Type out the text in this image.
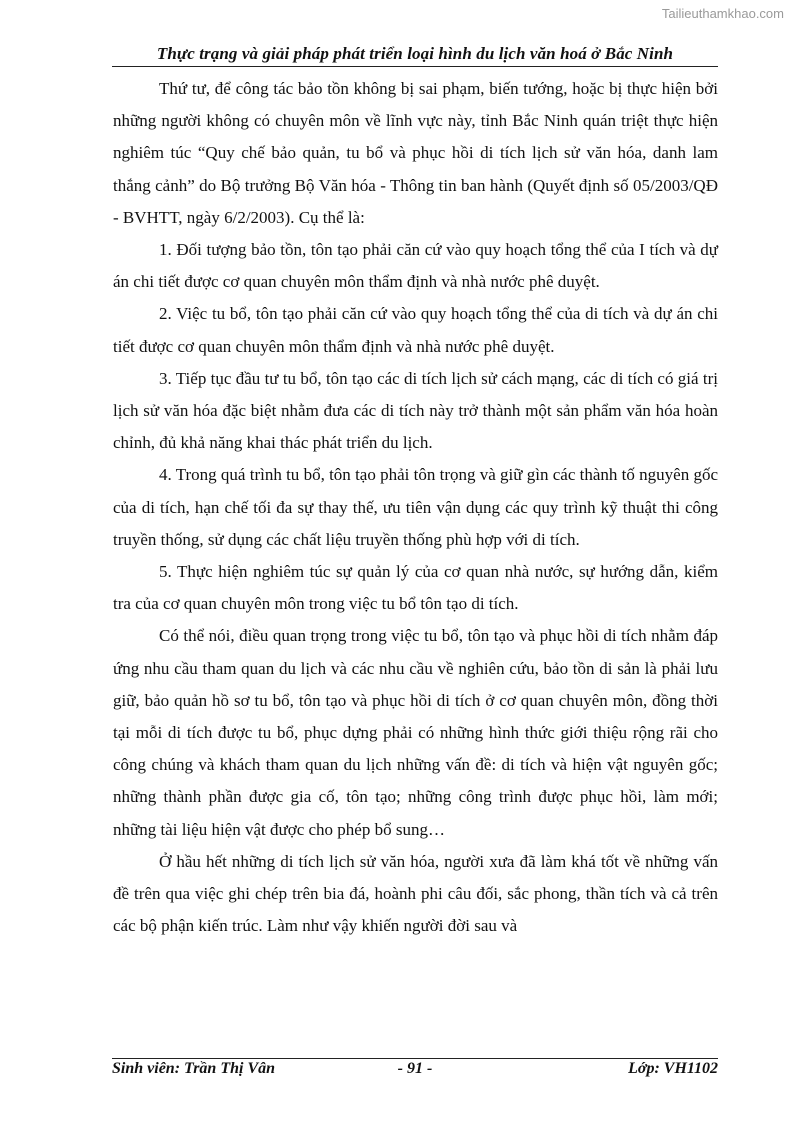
Tailieuthamkhao.com
Thực trạng và giải pháp phát triển loại hình du lịch văn hoá ở Bắc Ninh

Thứ tư, để công tác bảo tồn không bị sai phạm, biến tướng, hoặc bị thực hiện bởi những người không có chuyên môn về lĩnh vực này, tỉnh Bắc Ninh quán triệt thực hiện nghiêm túc “Quy chế bảo quản, tu bổ và phục hồi di tích lịch sử văn hóa, danh lam thắng cảnh” do Bộ trưởng Bộ Văn hóa - Thông tin ban hành (Quyết định số 05/2003/QĐ - BVHTT, ngày 6/2/2003). Cụ thể là:

1. Đối tượng bảo tồn, tôn tạo phải căn cứ vào quy hoạch tổng thể của I tích và dự án chi tiết được cơ quan chuyên môn thẩm định và nhà nước phê duyệt.

2. Việc tu bổ, tôn tạo phải căn cứ vào quy hoạch tổng thể của di tích và dự án chi tiết được cơ quan chuyên môn thẩm định và nhà nước phê duyệt.

3. Tiếp tục đầu tư tu bổ, tôn tạo các di tích lịch sử cách mạng, các di tích có giá trị lịch sử văn hóa đặc biệt nhằm đưa các di tích này trở thành một sản phẩm văn hóa hoàn chỉnh, đủ khả năng khai thác phát triển du lịch.

4. Trong quá trình tu bổ, tôn tạo phải tôn trọng và giữ gìn các thành tố nguyên gốc của di tích, hạn chế tối đa sự thay thế, ưu tiên vận dụng các quy trình kỹ thuật thi công truyền thống, sử dụng các chất liệu truyền thống phù hợp với di tích.

5. Thực hiện nghiêm túc sự quản lý của cơ quan nhà nước, sự hướng dẫn, kiểm tra của cơ quan chuyên môn trong việc tu bổ tôn tạo di tích.

Có thể nói, điều quan trọng trong việc tu bổ, tôn tạo và phục hồi di tích nhằm đáp ứng nhu cầu tham quan du lịch và các nhu cầu về nghiên cứu, bảo tồn di sản là phải lưu giữ, bảo quản hồ sơ tu bổ, tôn tạo và phục hồi di tích ở cơ quan chuyên môn, đồng thời tại mỗi di tích được tu bổ, phục dựng phải có những hình thức giới thiệu rộng rãi cho công chúng và khách tham quan du lịch những vấn đề: di tích và hiện vật nguyên gốc; những thành phần được gia cố, tôn tạo; những công trình được phục hồi, làm mới; những tài liệu hiện vật được cho phép bổ sung…

Ở hầu hết những di tích lịch sử văn hóa, người xưa đã làm khá tốt về những vấn đề trên qua việc ghi chép trên bia đá, hoành phi câu đối, sắc phong, thần tích và cả trên các bộ phận kiến trúc. Làm như vậy khiến người đời sau và

Sinh viên: Trần Thị Vân	- 91 -	Lớp: VH1102
